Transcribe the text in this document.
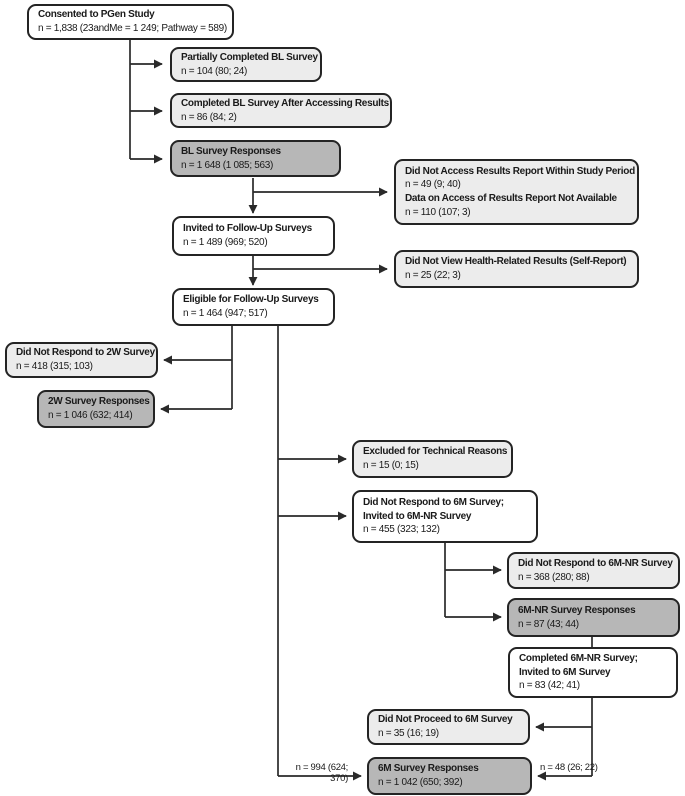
Consented to PGen Study
n = 1,838 (23andMe = 1 249; Pathway = 589)
Partially Completed BL Survey
n = 104 (80; 24)
Completed BL Survey After Accessing Results
n = 86 (84; 2)
BL Survey Responses
n = 1 648 (1 085; 563)
Did Not Access Results Report Within Study Period
n = 49 (9; 40)
Data on Access of Results Report Not Available
n = 110 (107; 3)
Invited to Follow-Up Surveys
n = 1 489 (969; 520)
Did Not View Health-Related Results (Self-Report)
n = 25 (22; 3)
Eligible for Follow-Up Surveys
n = 1 464 (947; 517)
Did Not Respond to 2W Survey
n = 418 (315; 103)
2W Survey Responses
n = 1 046 (632; 414)
Excluded for Technical Reasons
n = 15 (0; 15)
Did Not Respond to 6M Survey;
Invited to 6M-NR Survey
n = 455 (323; 132)
Did Not Respond to 6M-NR Survey
n = 368 (280; 88)
6M-NR Survey Responses
n = 87 (43; 44)
Completed 6M-NR Survey;
Invited to 6M Survey
n = 83 (42; 41)
Did Not Proceed to 6M Survey
n = 35 (16; 19)
6M Survey Responses
n = 1 042 (650; 392)
n = 994 (624; 370)
n = 48 (26; 22)
